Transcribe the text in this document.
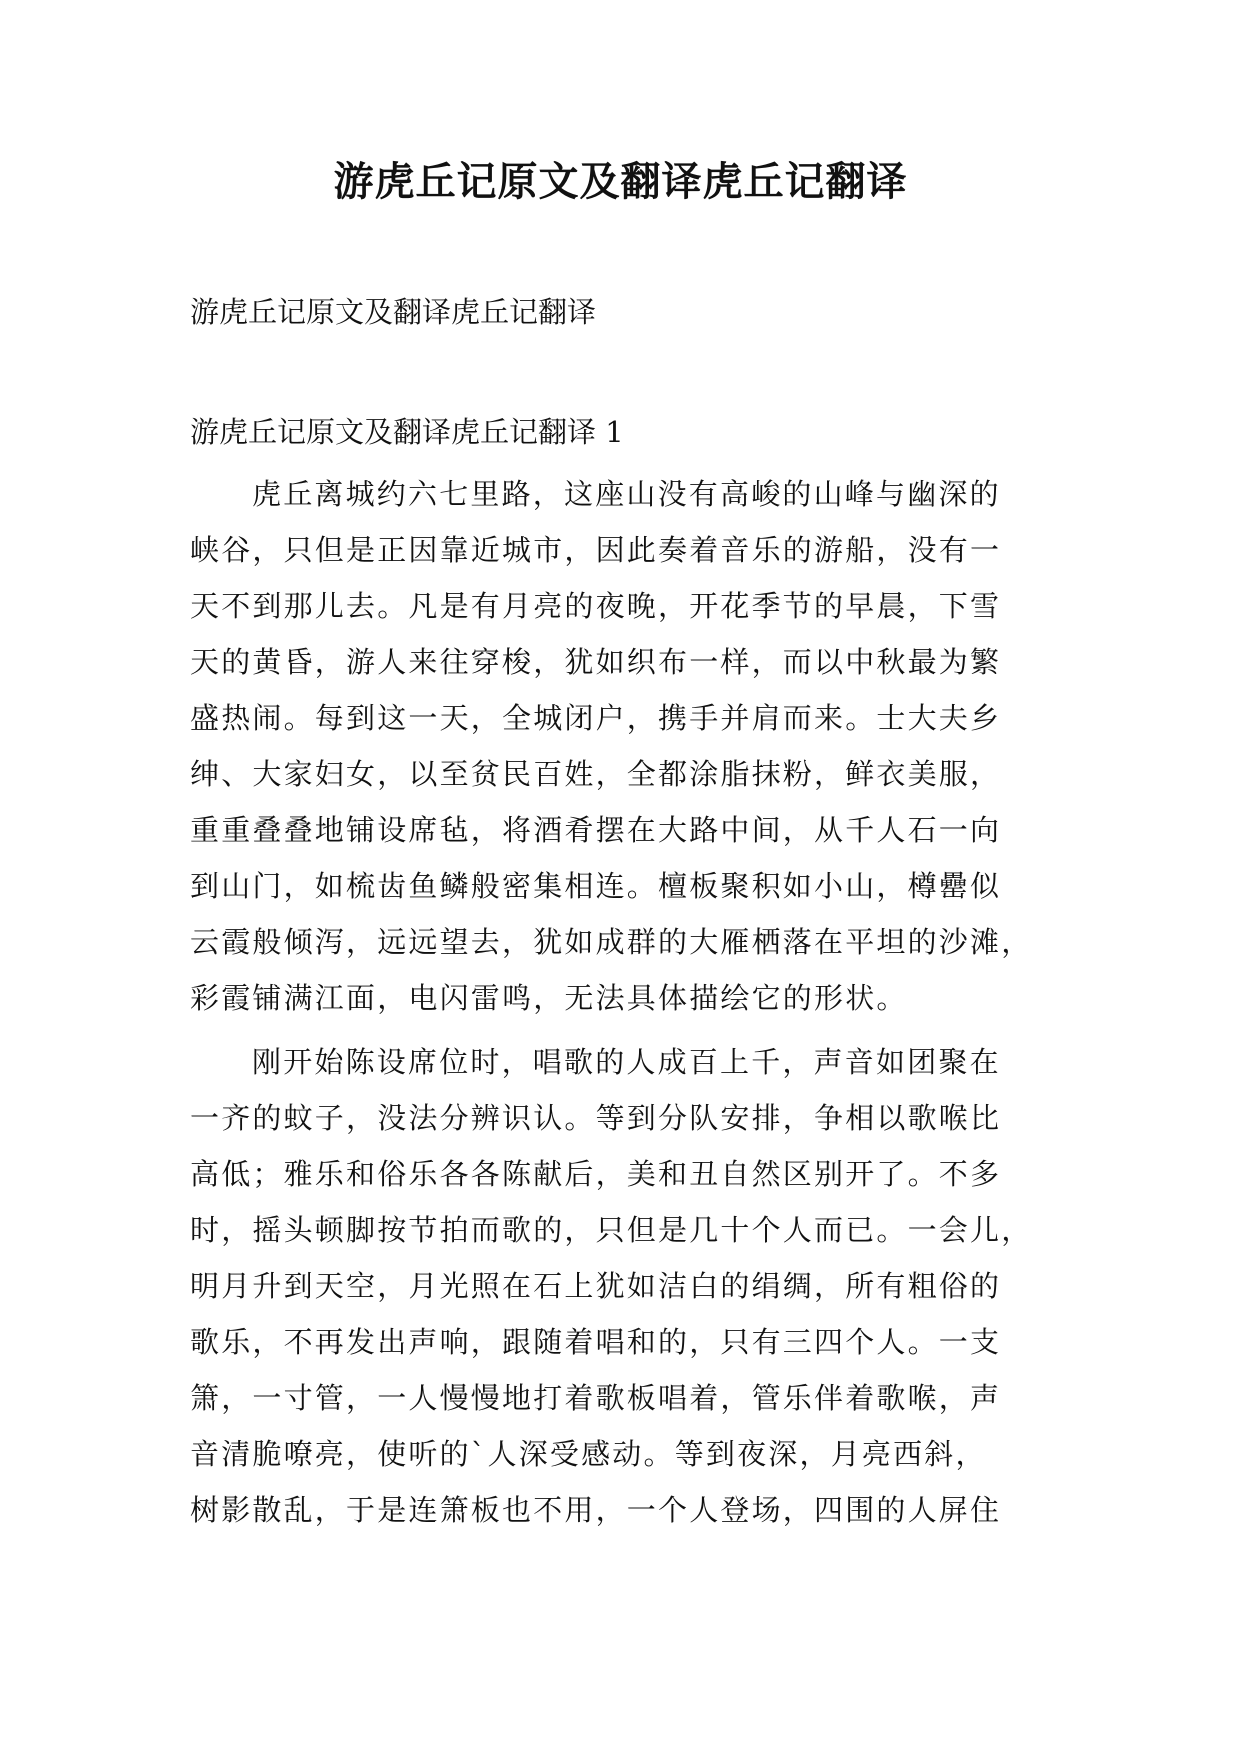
游虎丘记原文及翻译虎丘记翻译

游虎丘记原文及翻译虎丘记翻译

游虎丘记原文及翻译虎丘记翻译 1

虎丘离城约六七里路，这座山没有高峻的山峰与幽深的
峡谷，只但是正因靠近城市，因此奏着音乐的游船，没有一
天不到那儿去。凡是有月亮的夜晚，开花季节的早晨，下雪
天的黄昏，游人来往穿梭，犹如织布一样，而以中秋最为繁
盛热闹。每到这一天，全城闭户，携手并肩而来。士大夫乡
绅、大家妇女，以至贫民百姓，全都涂脂抹粉，鲜衣美服，
重重叠叠地铺设席毡，将酒肴摆在大路中间，从千人石一向
到山门，如梳齿鱼鳞般密集相连。檀板聚积如小山，樽罍似
云霞般倾泻，远远望去，犹如成群的大雁栖落在平坦的沙滩，
彩霞铺满江面，电闪雷鸣，无法具体描绘它的形状。
刚开始陈设席位时，唱歌的人成百上千，声音如团聚在
一齐的蚊子，没法分辨识认。等到分队安排，争相以歌喉比
高低；雅乐和俗乐各各陈献后，美和丑自然区别开了。不多
时，摇头顿脚按节拍而歌的，只但是几十个人而已。一会儿，
明月升到天空，月光照在石上犹如洁白的绢绸，所有粗俗的
歌乐，不再发出声响，跟随着唱和的，只有三四个人。一支
箫，一寸管，一人慢慢地打着歌板唱着，管乐伴着歌喉，声
音清脆嘹亮，使听的`人深受感动。等到夜深，月亮西斜，
树影散乱，于是连箫板也不用，一个人登场，四围的人屏住
